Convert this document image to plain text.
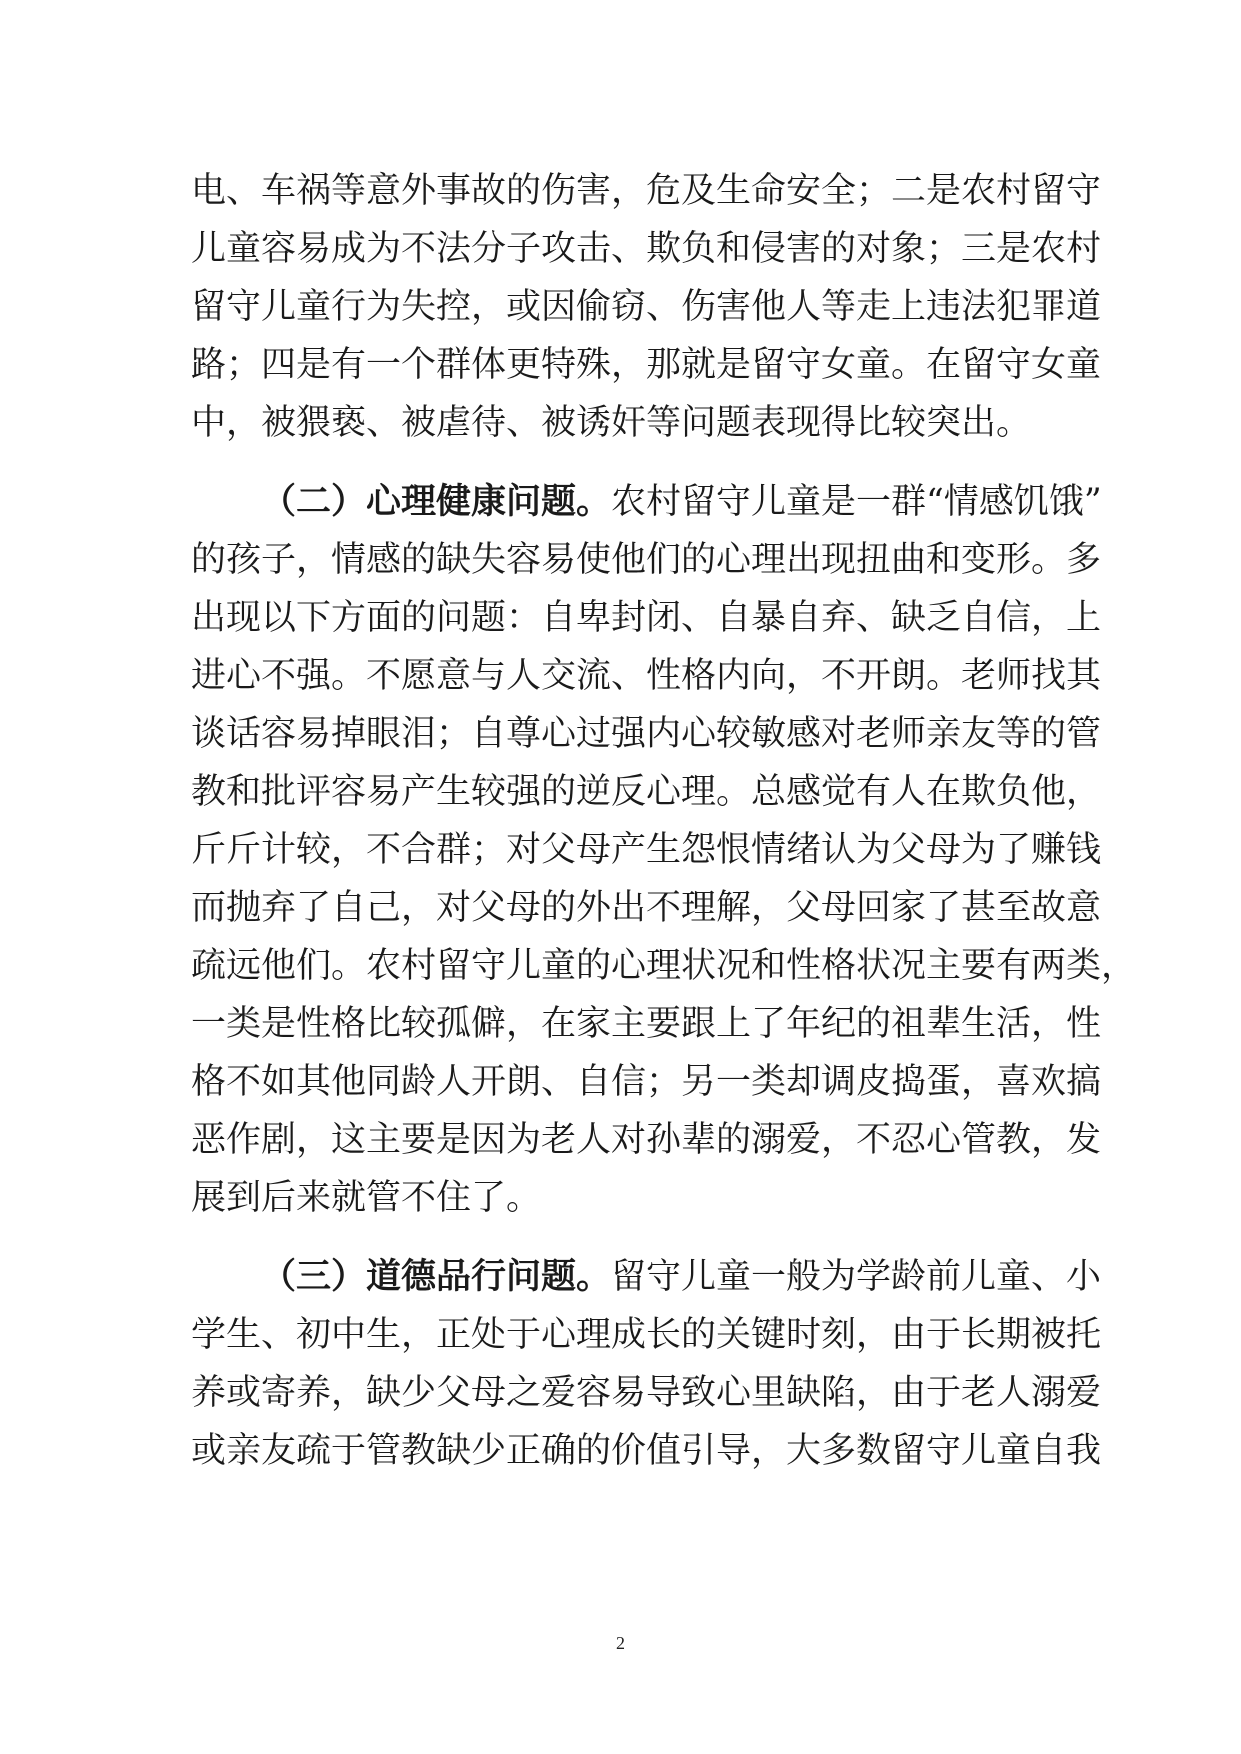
电、车祸等意外事故的伤害，危及生命安全；二是农村留守
儿童容易成为不法分子攻击、欺负和侵害的对象；三是农村
留守儿童行为失控，或因偷窃、伤害他人等走上违法犯罪道
路；四是有一个群体更特殊，那就是留守女童。在留守女童
中，被猥亵、被虐待、被诱奸等问题表现得比较突出。
（二）心理健康问题。农村留守儿童是一群“情感饥饿”
的孩子，情感的缺失容易使他们的心理出现扭曲和变形。多
出现以下方面的问题：自卑封闭、自暴自弃、缺乏自信，上
进心不强。不愿意与人交流、性格内向，不开朗。老师找其
谈话容易掉眼泪；自尊心过强内心较敏感对老师亲友等的管
教和批评容易产生较强的逆反心理。总感觉有人在欺负他，
斤斤计较，不合群；对父母产生怨恨情绪认为父母为了赚钱
而抛弃了自己，对父母的外出不理解，父母回家了甚至故意
疏远他们。农村留守儿童的心理状况和性格状况主要有两类，
一类是性格比较孤僻，在家主要跟上了年纪的祖辈生活，性
格不如其他同龄人开朗、自信；另一类却调皮捣蛋，喜欢搞
恶作剧，这主要是因为老人对孙辈的溺爱，不忍心管教，发
展到后来就管不住了。
（三）道德品行问题。留守儿童一般为学龄前儿童、小
学生、初中生，正处于心理成长的关键时刻，由于长期被托
养或寄养，缺少父母之爱容易导致心里缺陷，由于老人溺爱
或亲友疏于管教缺少正确的价值引导，大多数留守儿童自我
2
